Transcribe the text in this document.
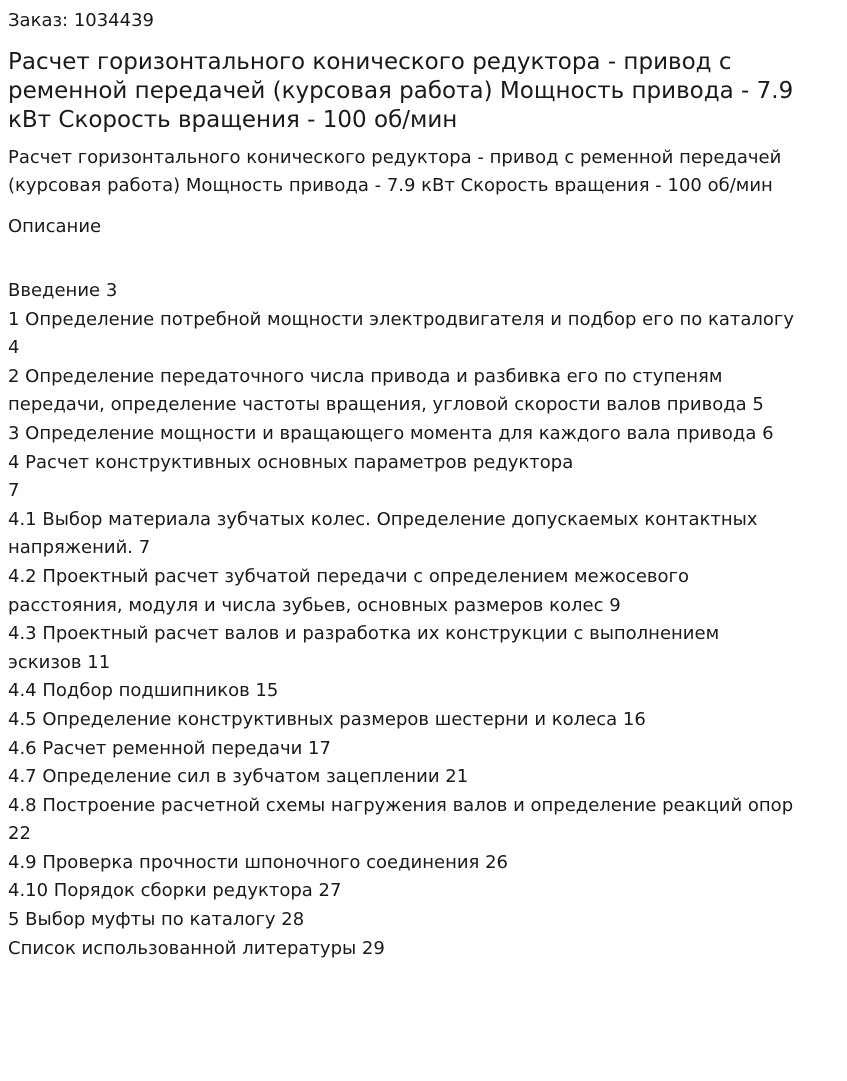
Заказ: 1034439

Расчет горизонтального конического редуктора - привод с ременной передачей (курсовая работа) Мощность привода - 7.9 кВт Скорость вращения - 100 об/мин

Расчет горизонтального конического редуктора - привод с ременной передачей (курсовая работа) Мощность привода - 7.9 кВт Скорость вращения - 100 об/мин

Описание

Введение 3
1 Определение потребной мощности электродвигателя и подбор его по каталогу 4
2 Определение передаточного числа привода и разбивка его по ступеням передачи, определение частоты вращения, угловой скорости валов привода 5
3 Определение мощности и вращающего момента для каждого вала привода 6
4 Расчет конструктивных основных параметров редуктора
7
4.1 Выбор материала зубчатых колес. Определение допускаемых контактных напряжений. 7
4.2 Проектный расчет зубчатой передачи с определением межосевого расстояния, модуля и числа зубьев, основных размеров колес 9
4.3 Проектный расчет валов и разработка их конструкции с выполнением эскизов 11
4.4 Подбор подшипников 15
4.5 Определение конструктивных размеров шестерни и колеса 16
4.6 Расчет ременной передачи 17
4.7 Определение сил в зубчатом зацеплении 21
4.8 Построение расчетной схемы нагружения валов и определение реакций опор 22
4.9 Проверка прочности шпоночного соединения 26
4.10 Порядок сборки редуктора 27
5 Выбор муфты по каталогу 28
Список использованной литературы 29
